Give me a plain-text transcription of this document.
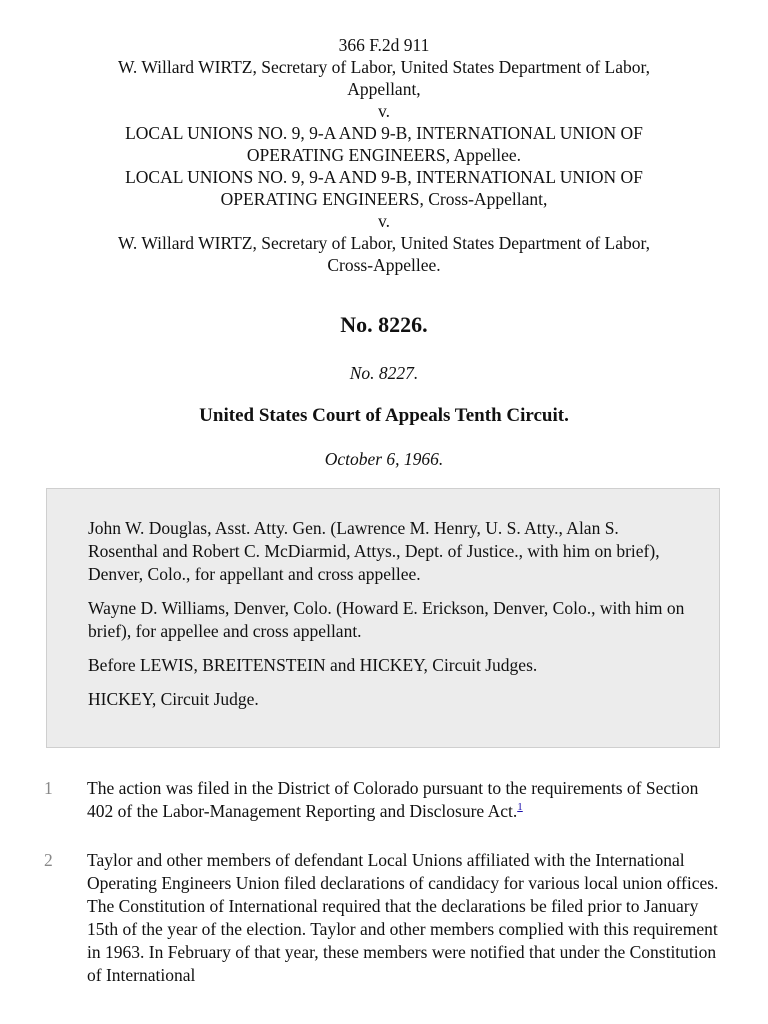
366 F.2d 911
W. Willard WIRTZ, Secretary of Labor, United States Department of Labor,
Appellant,
v.
LOCAL UNIONS NO. 9, 9-A AND 9-B, INTERNATIONAL UNION OF
OPERATING ENGINEERS, Appellee.
LOCAL UNIONS NO. 9, 9-A AND 9-B, INTERNATIONAL UNION OF
OPERATING ENGINEERS, Cross-Appellant,
v.
W. Willard WIRTZ, Secretary of Labor, United States Department of Labor,
Cross-Appellee.
No. 8226.
No. 8227.
United States Court of Appeals Tenth Circuit.
October 6, 1966.

John W. Douglas, Asst. Atty. Gen. (Lawrence M. Henry, U. S. Atty., Alan S. Rosenthal and Robert C. McDiarmid, Attys., Dept. of Justice., with him on brief), Denver, Colo., for appellant and cross appellee.

Wayne D. Williams, Denver, Colo. (Howard E. Erickson, Denver, Colo., with him on brief), for appellee and cross appellant.

Before LEWIS, BREITENSTEIN and HICKEY, Circuit Judges.

HICKEY, Circuit Judge.

1	The action was filed in the District of Colorado pursuant to the requirements of Section 402 of the Labor-Management Reporting and Disclosure Act.$^1$
2	Taylor and other members of defendant Local Unions affiliated with the International Operating Engineers Union filed declarations of candidacy for various local union offices. The Constitution of International required that the declarations be filed prior to January 15th of the year of the election. Taylor and other members complied with this requirement in 1963. In February of that year, these members were notified that under the Constitution of International
